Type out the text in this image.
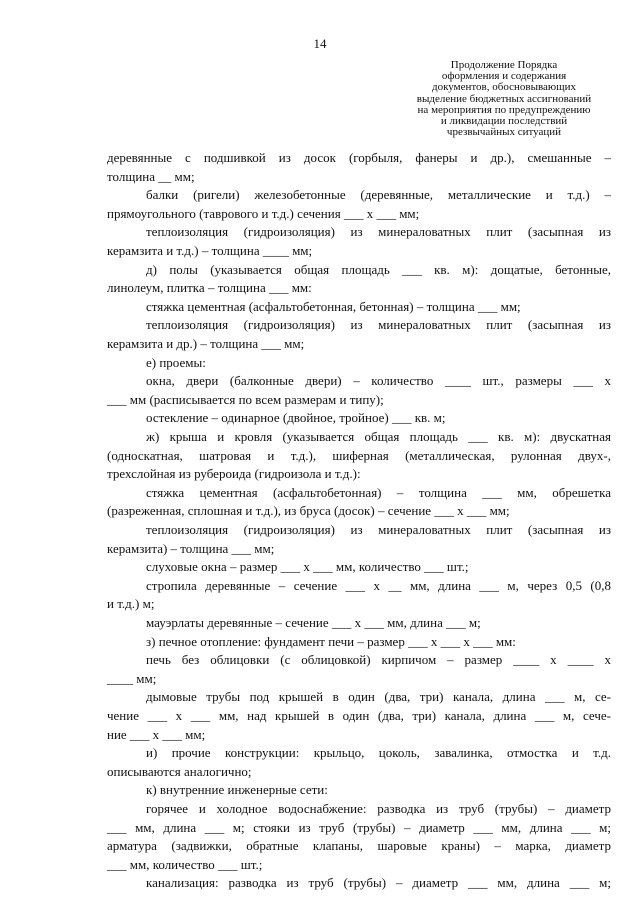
14
Продолжение Порядка
оформления и содержания
документов, обосновывающих
выделение бюджетных ассигнований
на мероприятия по предупреждению
и ликвидации последствий
чрезвычайных ситуаций
деревянные с подшивкой из досок (горбыля, фанеры и др.), смешанные –
толщина __ мм;
балки (ригели) железобетонные (деревянные, металлические и т.д.) –
прямоугольного (таврового и т.д.) сечения ___ х ___ мм;
теплоизоляция (гидроизоляция) из минераловатных плит (засыпная из
керамзита и т.д.) – толщина ____ мм;
д) полы (указывается общая площадь ___ кв. м): дощатые, бетонные,
линолеум, плитка – толщина ___ мм:
стяжка цементная (асфальтобетонная, бетонная) – толщина ___ мм;
теплоизоляция (гидроизоляция) из минераловатных плит (засыпная из
керамзита и др.) – толщина ___ мм;
е) проемы:
окна, двери (балконные двери) – количество ____ шт., размеры ___ х
___ мм (расписывается по всем размерам и типу);
остекление – одинарное (двойное, тройное) ___ кв. м;
ж) крыша и кровля (указывается общая площадь ___ кв. м): двускатная
(односкатная, шатровая и т.д.), шиферная (металлическая, рулонная двух-,
трехслойная из рубероида (гидроизола и т.д.):
стяжка цементная (асфальтобетонная) – толщина ___ мм, обрешетка
(разреженная, сплошная и т.д.), из бруса (досок) – сечение ___ х ___ мм;
теплоизоляция (гидроизоляция) из минераловатных плит (засыпная из
керамзита) – толщина ___ мм;
слуховые окна – размер ___ х ___ мм, количество ___ шт.;
стропила деревянные – сечение ___ х __ мм, длина ___ м, через 0,5 (0,8
и т.д.) м;
мауэрлаты деревянные – сечение ___ х ___ мм, длина ___ м;
з) печное отопление: фундамент печи – размер ___ х ___ х ___ мм:
печь без облицовки (с облицовкой) кирпичом – размер ____ х ____ х
____ мм;
дымовые трубы под крышей в один (два, три) канала, длина ___ м, се-
чение ___ х ___ мм, над крышей в один (два, три) канала, длина ___ м, сече-
ние ___ х ___ мм;
и) прочие конструкции: крыльцо, цоколь, завалинка, отмостка и т.д.
описываются аналогично;
к) внутренние инженерные сети:
горячее и холодное водоснабжение: разводка из труб (трубы) – диаметр
___ мм, длина ___ м; стояки из труб (трубы) – диаметр ___ мм, длина ___ м;
арматура (задвижки, обратные клапаны, шаровые краны) – марка, диаметр
___ мм, количество ___ шт.;
канализация: разводка из труб (трубы) – диаметр ___ мм, длина ___ м;
